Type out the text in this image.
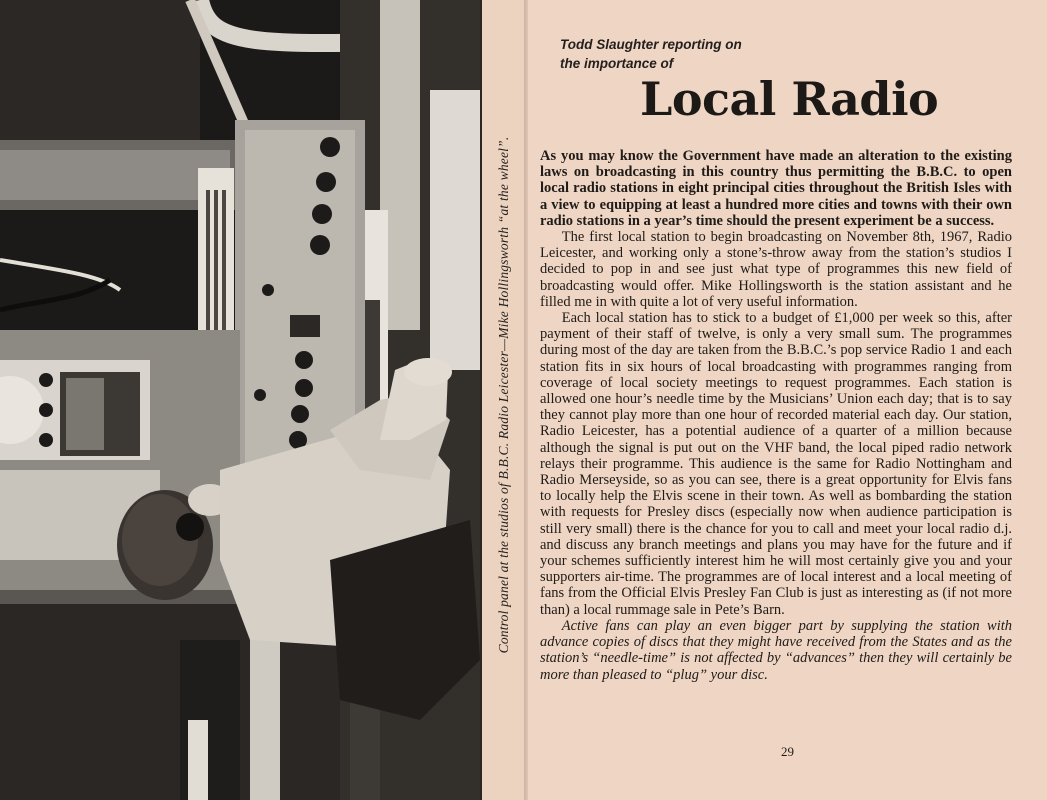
Control panel at the studios of B.B.C. Radio Leicester—Mike Hollingsworth “at the wheel”.
Todd Slaughter reporting on
the importance of
Local Radio

As you may know the Government have made an alteration to the existing laws on broadcasting in this country thus permitting the B.B.C. to open local radio stations in eight principal cities throughout the British Isles with a view to equipping at least a hundred more cities and towns with their own radio stations in a year’s time should the present experiment be a success.

The first local station to begin broadcasting on November 8th, 1967, Radio Leicester, and working only a stone’s-throw away from the station’s studios I decided to pop in and see just what type of programmes this new field of broadcasting would offer. Mike Hollingsworth is the station assistant and he filled me in with quite a lot of very useful information.

Each local station has to stick to a budget of £1,000 per week so this, after payment of their staff of twelve, is only a very small sum. The programmes during most of the day are taken from the B.B.C.’s pop service Radio 1 and each station fits in six hours of local broadcasting with programmes ranging from coverage of local society meetings to request programmes. Each station is allowed one hour’s needle time by the Musicians’ Union each day; that is to say they cannot play more than one hour of recorded material each day. Our station, Radio Leicester, has a potential audience of a quarter of a million because although the signal is put out on the VHF band, the local piped radio network relays their programme. This audience is the same for Radio Nottingham and Radio Merseyside, so as you can see, there is a great opportunity for Elvis fans to locally help the Elvis scene in their town. As well as bombarding the station with requests for Presley discs (especially now when audience participation is still very small) there is the chance for you to call and meet your local radio d.j. and discuss any branch meetings and plans you may have for the future and if your schemes sufficiently interest him he will most certainly give you and your supporters air-time. The programmes are of local interest and a local meeting of fans from the Official Elvis Presley Fan Club is just as interesting as (if not more than) a local rummage sale in Pete’s Barn.

Active fans can play an even bigger part by supplying the station with advance copies of discs that they might have received from the States and as the station’s “needle-time” is not affected by “advances” then they will certainly be more than pleased to “plug” your disc.

29
